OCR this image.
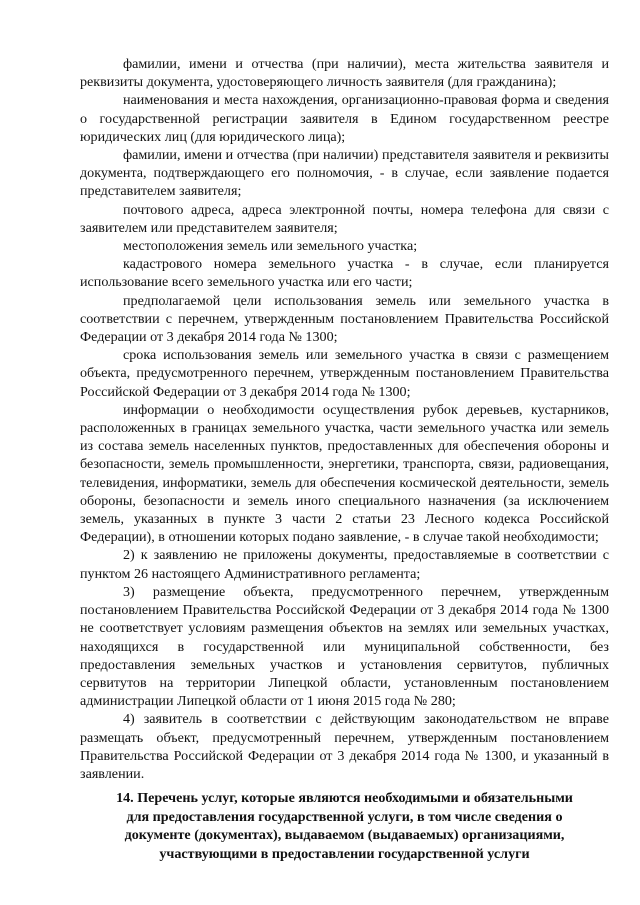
фамилии, имени и отчества (при наличии), места жительства заявителя и реквизиты документа, удостоверяющего личность заявителя (для гражданина);

наименования и места нахождения, организационно-правовая форма и сведения о государственной регистрации заявителя в Едином государственном реестре юридических лиц (для юридического лица);

фамилии, имени и отчества (при наличии) представителя заявителя и реквизиты документа, подтверждающего его полномочия, - в случае, если заявление подается представителем заявителя;

почтового адреса, адреса электронной почты, номера телефона для связи с заявителем или представителем заявителя;

местоположения земель или земельного участка;

кадастрового номера земельного участка - в случае, если планируется использование всего земельного участка или его части;

предполагаемой цели использования земель или земельного участка в соответствии с перечнем, утвержденным постановлением Правительства Российской Федерации от 3 декабря 2014 года № 1300;

срока использования земель или земельного участка в связи с размещением объекта, предусмотренного перечнем, утвержденным постановлением Правительства Российской Федерации от 3 декабря 2014 года № 1300;

информации о необходимости осуществления рубок деревьев, кустарников, расположенных в границах земельного участка, части земельного участка или земель из состава земель населенных пунктов, предоставленных для обеспечения обороны и безопасности, земель промышленности, энергетики, транспорта, связи, радиовещания, телевидения, информатики, земель для обеспечения космической деятельности, земель обороны, безопасности и земель иного специального назначения (за исключением земель, указанных в пункте 3 части 2 статьи 23 Лесного кодекса Российской Федерации), в отношении которых подано заявление, - в случае такой необходимости;

2) к заявлению не приложены документы, предоставляемые в соответствии с пунктом 26 настоящего Административного регламента;

3) размещение объекта, предусмотренного перечнем, утвержденным постановлением Правительства Российской Федерации от 3 декабря 2014 года № 1300 не соответствует условиям размещения объектов на землях или земельных участках, находящихся в государственной или муниципальной собственности, без предоставления земельных участков и установления сервитутов, публичных сервитутов на территории Липецкой области, установленным постановлением администрации Липецкой области от 1 июня 2015 года № 280;

4) заявитель в соответствии с действующим законодательством не вправе размещать объект, предусмотренный перечнем, утвержденным постановлением Правительства Российской Федерации от 3 декабря 2014 года № 1300, и указанный в заявлении.

14. Перечень услуг, которые являются необходимыми и обязательными

для предоставления государственной услуги, в том числе сведения о

документе (документах), выдаваемом (выдаваемых) организациями,

участвующими в предоставлении государственной услуги
